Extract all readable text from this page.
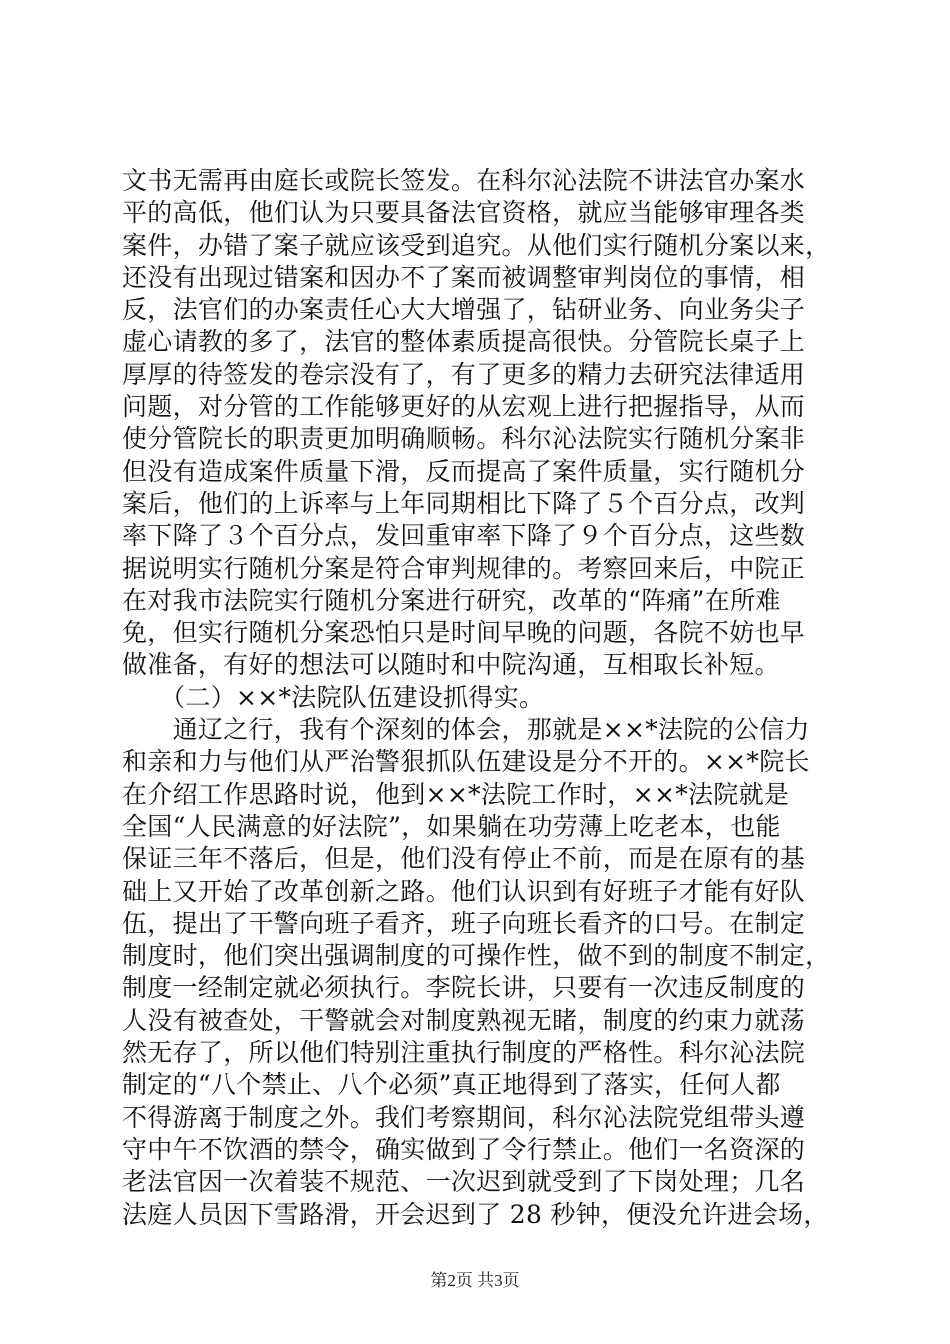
文书无需再由庭长或院长签发。在科尔沁法院不讲法官办案水
平的高低，他们认为只要具备法官资格，就应当能够审理各类
案件，办错了案子就应该受到追究。从他们实行随机分案以来，
还没有出现过错案和因办不了案而被调整审判岗位的事情，相
反，法官们的办案责任心大大增强了，钻研业务、向业务尖子
虚心请教的多了，法官的整体素质提高很快。分管院长桌子上
厚厚的待签发的卷宗没有了，有了更多的精力去研究法律适用
问题，对分管的工作能够更好的从宏观上进行把握指导，从而
使分管院长的职责更加明确顺畅。科尔沁法院实行随机分案非
但没有造成案件质量下滑，反而提高了案件质量，实行随机分
案后，他们的上诉率与上年同期相比下降了５个百分点，改判
率下降了３个百分点，发回重审率下降了９个百分点，这些数
据说明实行随机分案是符合审判规律的。考察回来后，中院正
在对我市法院实行随机分案进行研究，改革的“阵痛”在所难
免，但实行随机分案恐怕只是时间早晚的问题，各院不妨也早
做准备，有好的想法可以随时和中院沟通，互相取长补短。
　　（二）××*法院队伍建设抓得实。
　　通辽之行，我有个深刻的体会，那就是××*法院的公信力
和亲和力与他们从严治警狠抓队伍建设是分不开的。××*院长
在介绍工作思路时说，他到××*法院工作时，××*法院就是
全国“人民满意的好法院”，如果躺在功劳薄上吃老本，也能
保证三年不落后，但是，他们没有停止不前，而是在原有的基
础上又开始了改革创新之路。他们认识到有好班子才能有好队
伍，提出了干警向班子看齐，班子向班长看齐的口号。在制定
制度时，他们突出强调制度的可操作性，做不到的制度不制定，
制度一经制定就必须执行。李院长讲，只要有一次违反制度的
人没有被查处，干警就会对制度熟视无睹，制度的约束力就荡
然无存了，所以他们特别注重执行制度的严格性。科尔沁法院
制定的“八个禁止、八个必须”真正地得到了落实，任何人都
不得游离于制度之外。我们考察期间，科尔沁法院党组带头遵
守中午不饮酒的禁令，确实做到了令行禁止。他们一名资深的
老法官因一次着装不规范、一次迟到就受到了下岗处理；几名
法庭人员因下雪路滑，开会迟到了 28 秒钟，便没允许进会场，
第2页 共3页
